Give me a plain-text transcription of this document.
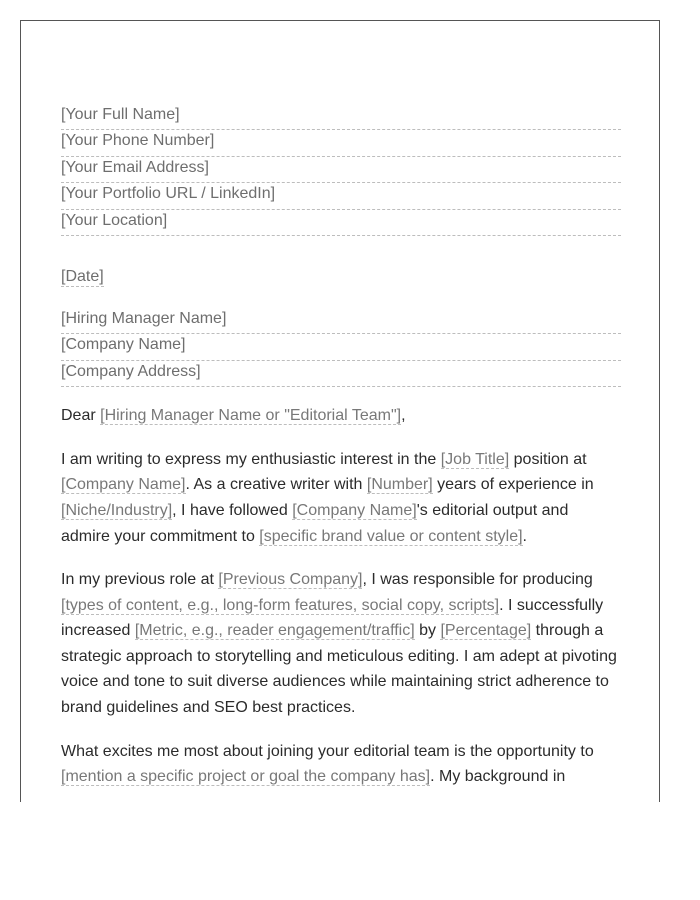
[Your Full Name]
[Your Phone Number]
[Your Email Address]
[Your Portfolio URL / LinkedIn]
[Your Location]
[Date]
[Hiring Manager Name]
[Company Name]
[Company Address]
Dear [Hiring Manager Name or "Editorial Team"],
I am writing to express my enthusiastic interest in the [Job Title] position at [Company Name]. As a creative writer with [Number] years of experience in [Niche/Industry], I have followed [Company Name]'s editorial output and admire your commitment to [specific brand value or content style].
In my previous role at [Previous Company], I was responsible for producing [types of content, e.g., long-form features, social copy, scripts]. I successfully increased [Metric, e.g., reader engagement/traffic] by [Percentage] through a strategic approach to storytelling and meticulous editing. I am adept at pivoting voice and tone to suit diverse audiences while maintaining strict adherence to brand guidelines and SEO best practices.
What excites me most about joining your editorial team is the opportunity to [mention a specific project or goal the company has]. My background in
